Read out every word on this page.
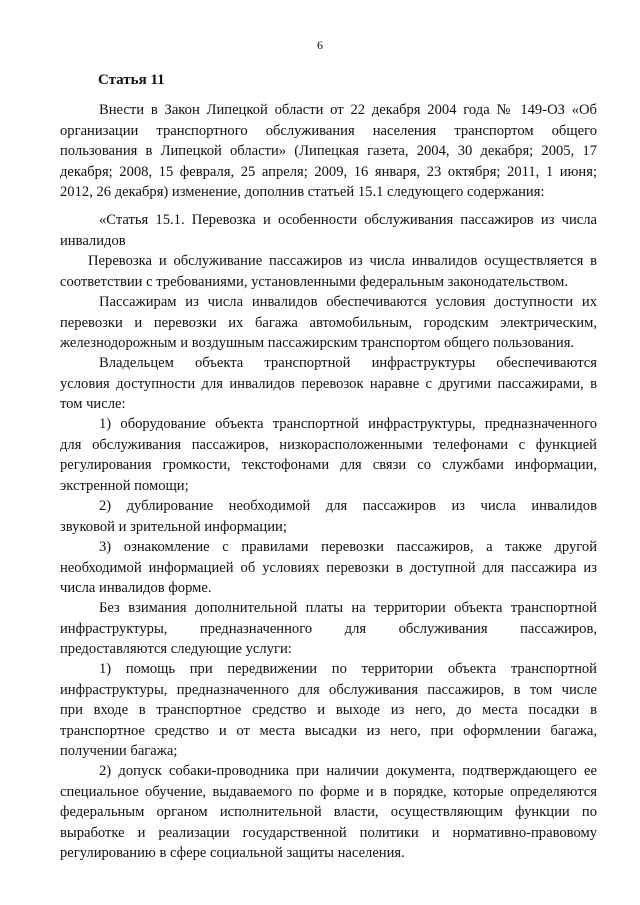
6
Статья 11
Внести в Закон Липецкой области от 22 декабря 2004 года № 149-ОЗ «Об
организации транспортного обслуживания населения транспортом общего
пользования в Липецкой области» (Липецкая газета, 2004, 30 декабря; 2005, 17
декабря; 2008, 15 февраля, 25 апреля; 2009, 16 января, 23 октября; 2011, 1 июня;
2012, 26 декабря) изменение, дополнив статьей 15.1 следующего содержания:
«Статья 15.1. Перевозка и особенности обслуживания пассажиров из числа
инвалидов
Перевозка и обслуживание пассажиров из числа инвалидов осуществляется в
соответствии с требованиями, установленными федеральным законодательством.
Пассажирам из числа инвалидов обеспечиваются условия доступности их
перевозки и перевозки их багажа автомобильным, городским электрическим,
железнодорожным и воздушным пассажирским транспортом общего пользования.
Владельцем объекта транспортной инфраструктуры обеспечиваются
условия доступности для инвалидов перевозок наравне с другими пассажирами, в
том числе:
1) оборудование объекта транспортной инфраструктуры, предназначенного
для обслуживания пассажиров, низкорасположенными телефонами с функцией
регулирования громкости, текстофонами для связи со службами информации,
экстренной помощи;
2) дублирование необходимой для пассажиров из числа инвалидов
звуковой и зрительной информации;
3) ознакомление с правилами перевозки пассажиров, а также другой
необходимой информацией об условиях перевозки в доступной для пассажира из
числа инвалидов форме.
Без взимания дополнительной платы на территории объекта транспортной
инфраструктуры, предназначенного для обслуживания пассажиров,
предоставляются следующие услуги:
1) помощь при передвижении по территории объекта транспортной
инфраструктуры, предназначенного для обслуживания пассажиров, в том числе
при входе в транспортное средство и выходе из него, до места посадки в
транспортное средство и от места высадки из него, при оформлении багажа,
получении багажа;
2) допуск собаки-проводника при наличии документа, подтверждающего ее
специальное обучение, выдаваемого по форме и в порядке, которые определяются
федеральным органом исполнительной власти, осуществляющим функции по
выработке и реализации государственной политики и нормативно-правовому
регулированию в сфере социальной защиты населения.
